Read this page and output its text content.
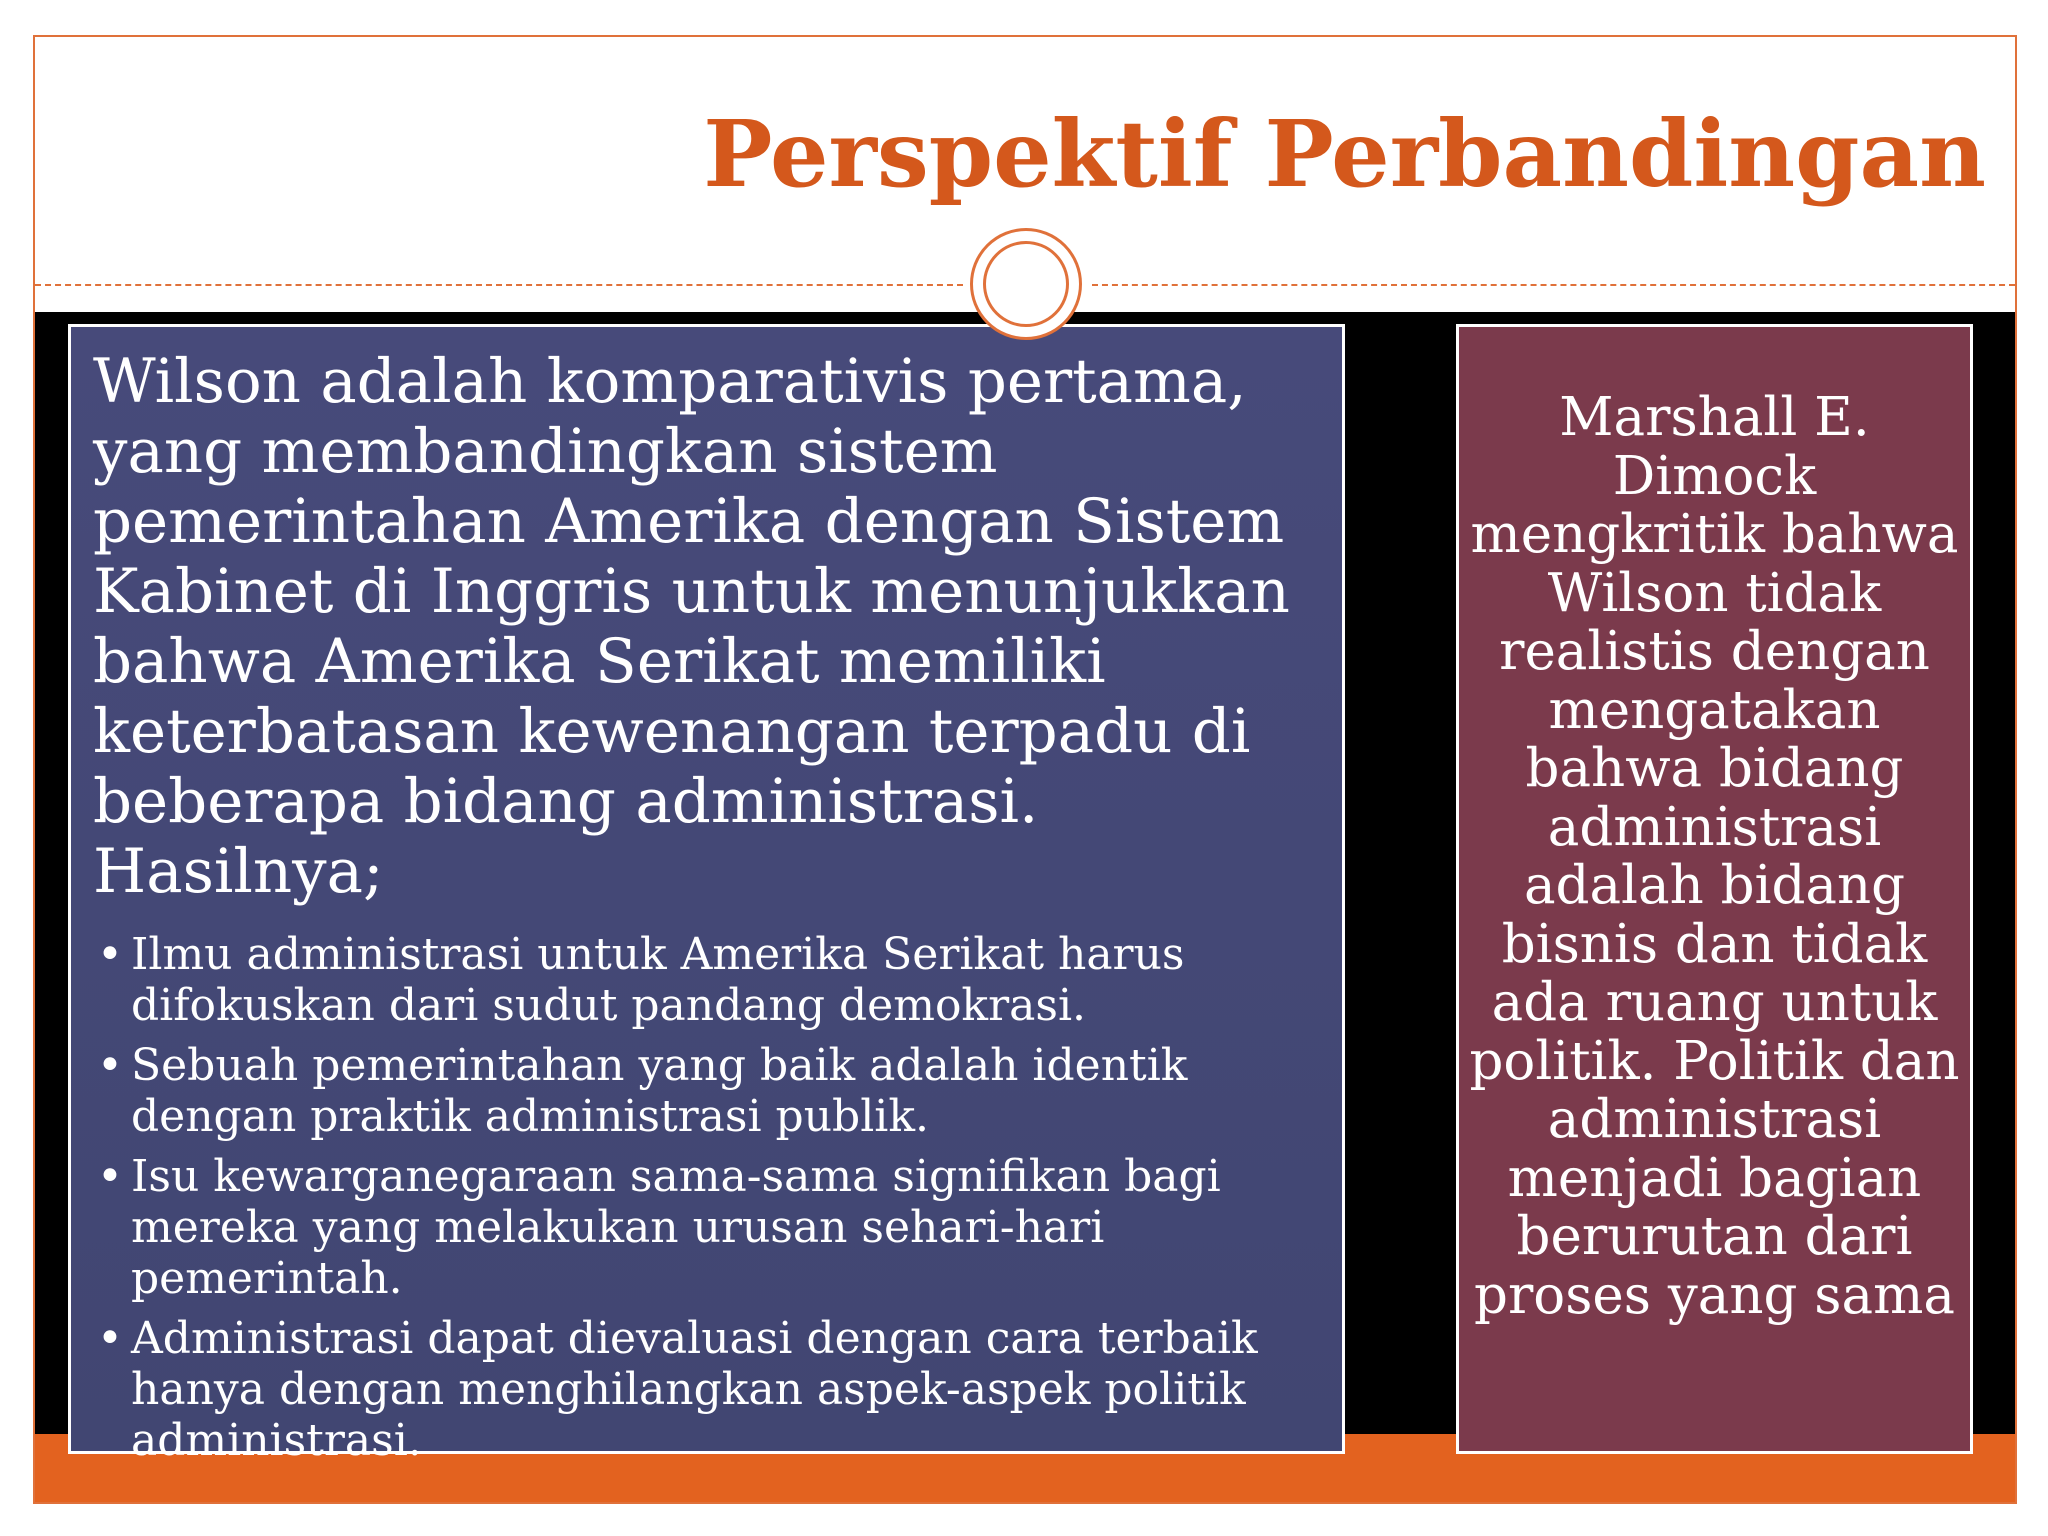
Perspektif Perbandingan

Wilson adalah komparativis pertama, yang membandingkan sistem pemerintahan Amerika dengan Sistem Kabinet di Inggris untuk menunjukkan bahwa Amerika Serikat memiliki keterbatasan kewenangan terpadu di beberapa bidang administrasi. Hasilnya;

• Ilmu administrasi untuk Amerika Serikat harus difokuskan dari sudut pandang demokrasi.
• Sebuah pemerintahan yang baik adalah identik dengan praktik administrasi publik.
• Isu kewarganegaraan sama-sama signifikan bagi mereka yang melakukan urusan sehari-hari pemerintah.
• Administrasi dapat dievaluasi dengan cara terbaik hanya dengan menghilangkan aspek-aspek politik administrasi.

Marshall E. Dimock mengkritik bahwa Wilson tidak realistis dengan mengatakan bahwa bidang administrasi adalah bidang bisnis dan tidak ada ruang untuk politik. Politik dan administrasi menjadi bagian berurutan dari proses yang sama
